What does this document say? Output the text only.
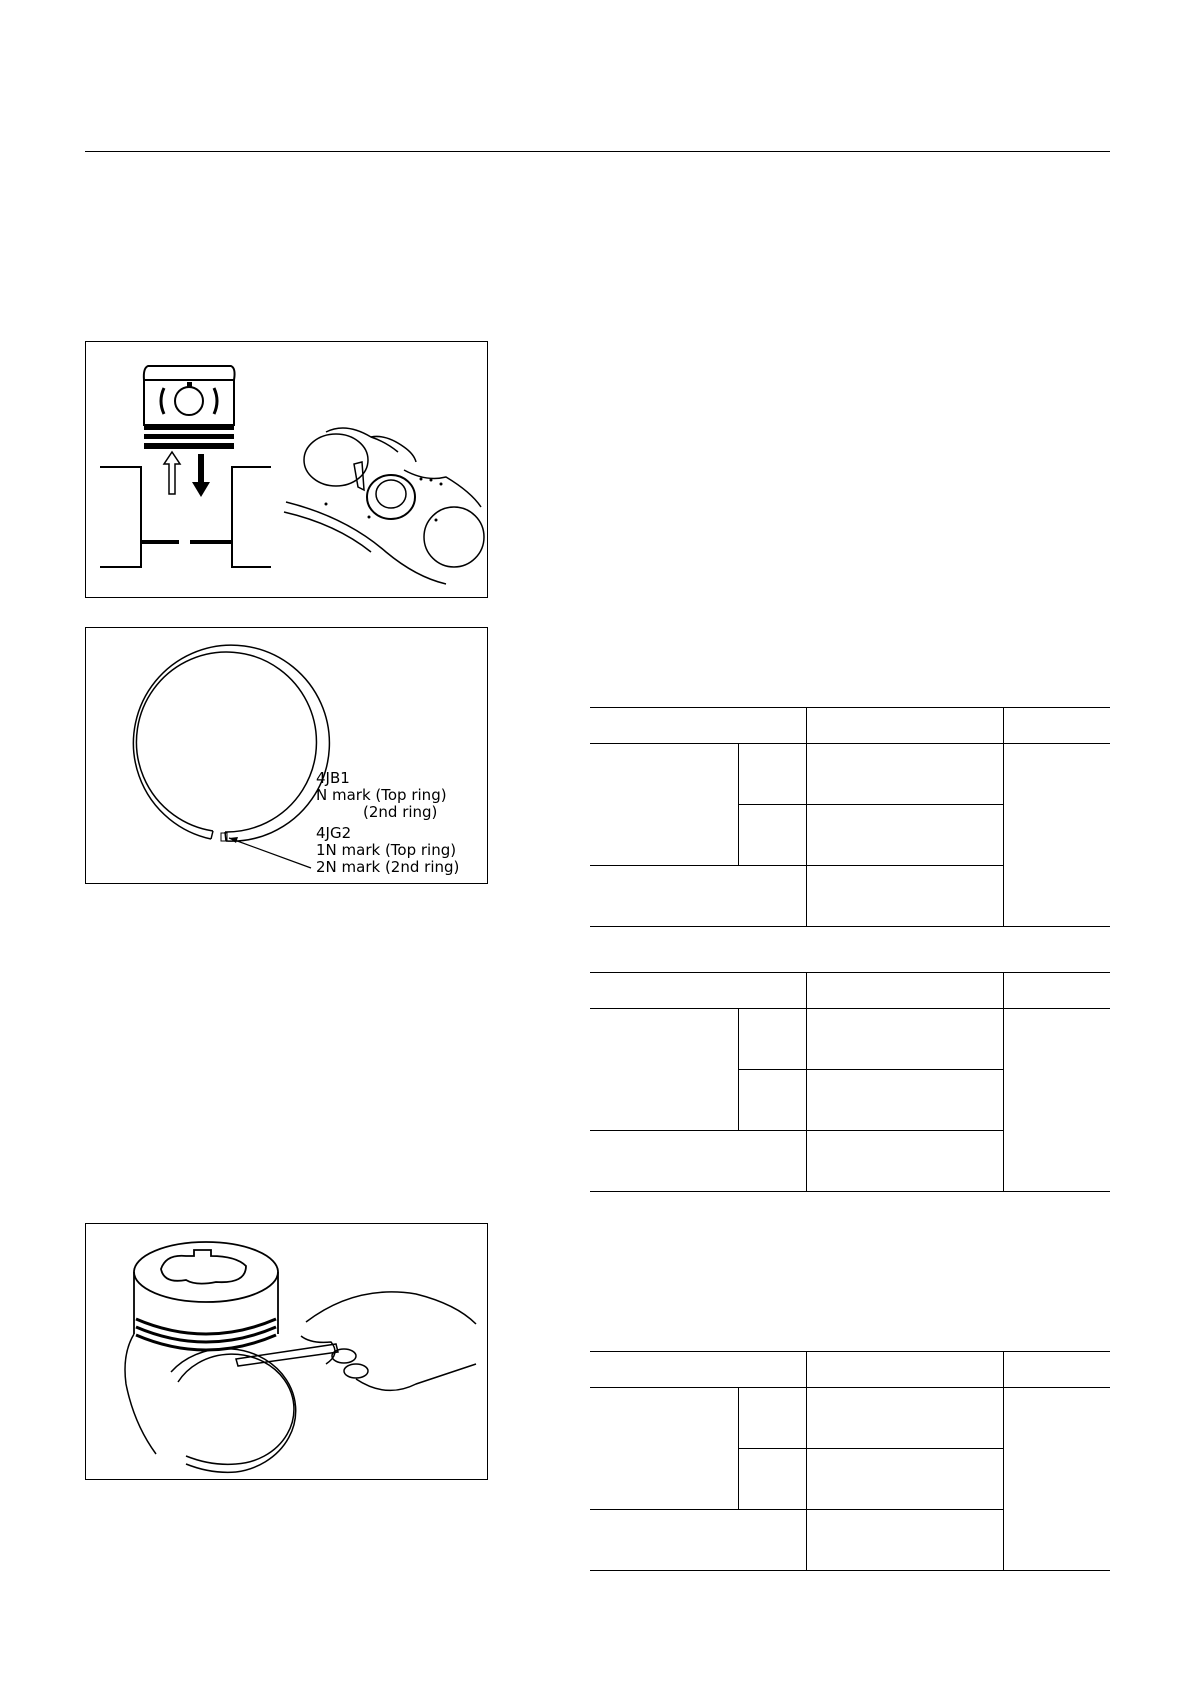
4JB1
N mark (Top ring)
(2nd ring)
4JG2
1N mark (Top ring)
2N mark (2nd ring)
